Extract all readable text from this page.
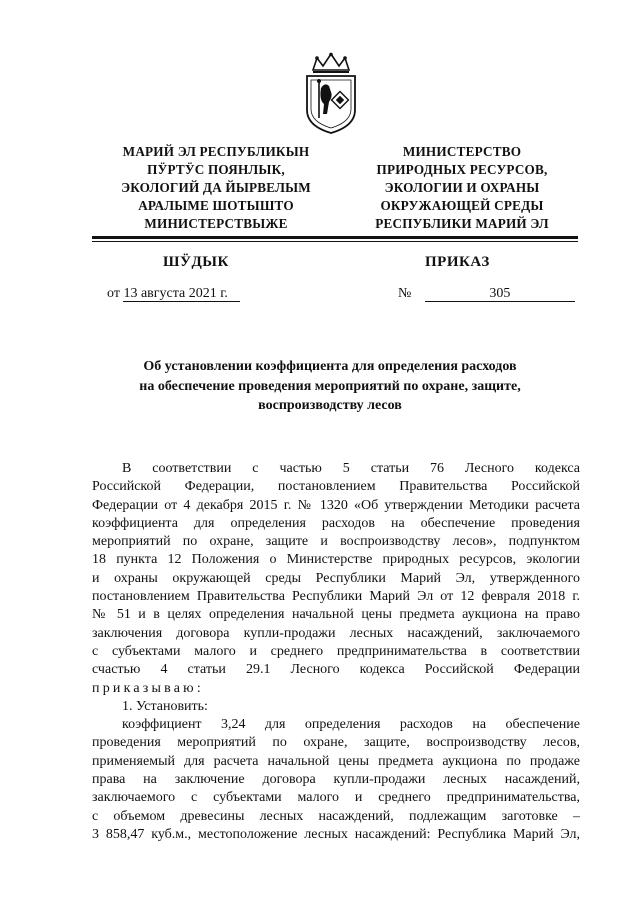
МАРИЙ ЭЛ РЕСПУБЛИКЫН
ПӰРТӰС ПОЯНЛЫК,
ЭКОЛОГИЙ ДА ЙЫРВЕЛЫМ
АРАЛЫМЕ ШОТЫШТО
МИНИСТЕРСТВЫЖЕ
МИНИСТЕРСТВО
ПРИРОДНЫХ РЕСУРСОВ,
ЭКОЛОГИИ И ОХРАНЫ
ОКРУЖАЮЩЕЙ СРЕДЫ
РЕСПУБЛИКИ МАРИЙ ЭЛ
ШӰДЫК	ПРИКАЗ
от 13 августа 2021 г.	№	305
Об установлении коэффициента для определения расходов
на обеспечение проведения мероприятий по охране, защите,
воспроизводству лесов
В соответствии с частью 5 статьи 76 Лесного кодекса
Российской Федерации, постановлением Правительства Российской
Федерации от 4 декабря 2015 г. № 1320 «Об утверждении Методики расчета
коэффициента для определения расходов на обеспечение проведения
мероприятий по охране, защите и воспроизводству лесов», подпунктом
18 пункта 12 Положения о Министерстве природных ресурсов, экологии
и охраны окружающей среды Республики Марий Эл, утвержденного
постановлением Правительства Республики Марий Эл от 12 февраля 2018 г.
№ 51 и в целях определения начальной цены предмета аукциона на право
заключения договора купли-продажи лесных насаждений, заключаемого
с субъектами малого и среднего предпринимательства в соответствии
счастью 4 статьи 29.1 Лесного кодекса Российской Федерации
приказываю:
1. Установить:
коэффициент 3,24 для определения расходов на обеспечение
проведения мероприятий по охране, защите, воспроизводству лесов,
применяемый для расчета начальной цены предмета аукциона по продаже
права на заключение договора купли-продажи лесных насаждений,
заключаемого с субъектами малого и среднего предпринимательства,
с объемом древесины лесных насаждений, подлежащим заготовке –
3 858,47 куб.м., местоположение лесных насаждений: Республика Марий Эл,
